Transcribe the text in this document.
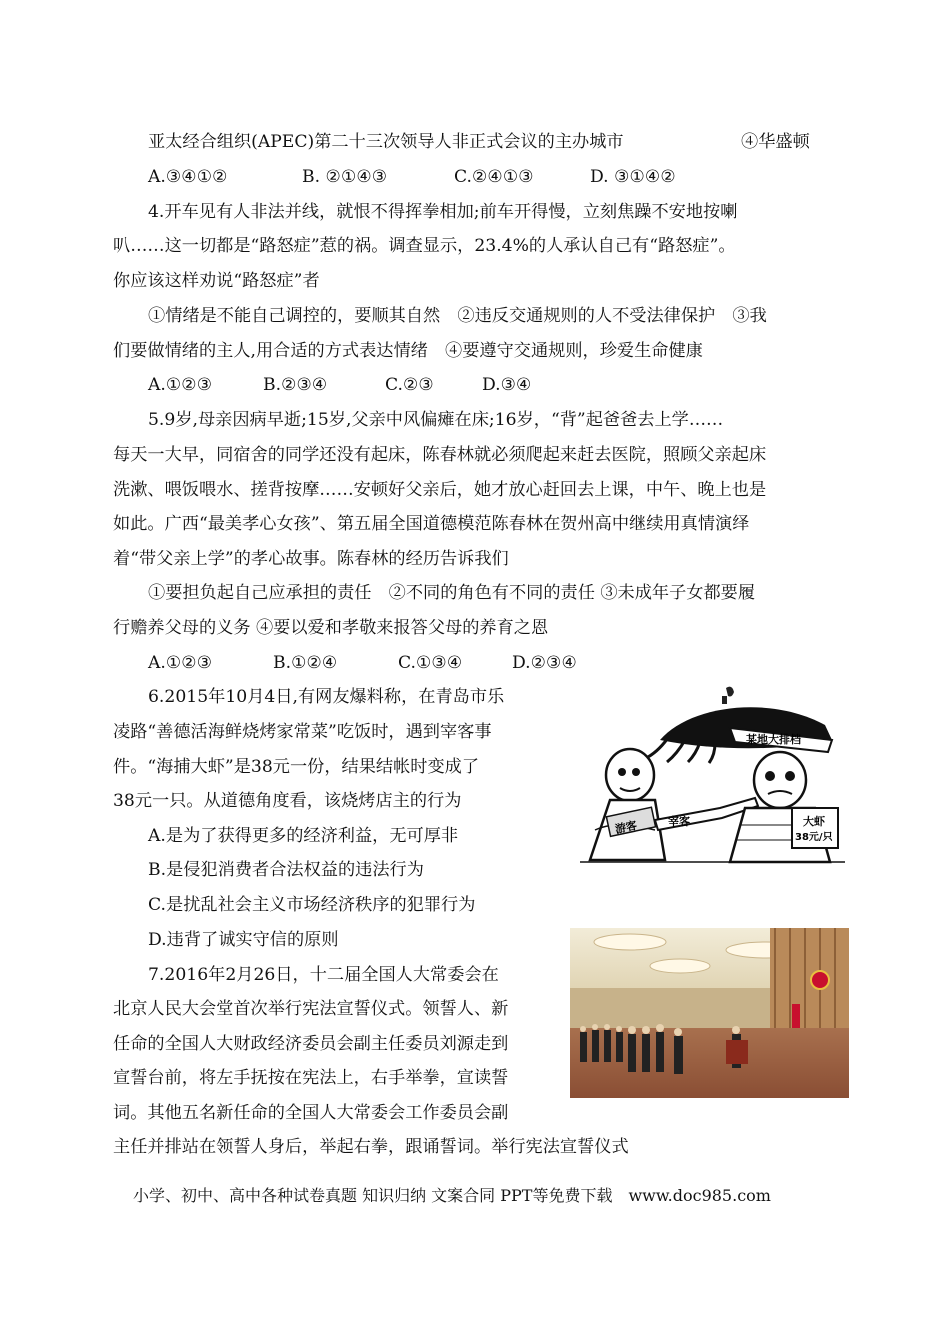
亚太经合组织(APEC)第二十三次领导人非正式会议的主办城市	④华盛顿
A.③④①②	B. ②①④③	C.②④①③	D. ③①④②
4.开车见有人非法并线，就恨不得挥拳相加;前车开得慢，立刻焦躁不安地按喇
叭……这一切都是“路怒症”惹的祸。调查显示，23.4%的人承认自己有“路怒症”。
你应该这样劝说“路怒症”者
①情绪是不能自己调控的，要顺其自然　②违反交通规则的人不受法律保护　③我
们要做情绪的主人,用合适的方式表达情绪　④要遵守交通规则，珍爱生命健康
A.①②③	B.②③④	C.②③	D.③④
5.9岁,母亲因病早逝;15岁,父亲中风偏瘫在床;16岁，“背”起爸爸去上学……
每天一大早，同宿舍的同学还没有起床，陈春林就必须爬起来赶去医院，照顾父亲起床
洗漱、喂饭喂水、搓背按摩……安顿好父亲后，她才放心赶回去上课，中午、晚上也是
如此。广西“最美孝心女孩”、第五届全国道德模范陈春林在贺州高中继续用真情演绎
着“带父亲上学”的孝心故事。陈春林的经历告诉我们
①要担负起自己应承担的责任　②不同的角色有不同的责任 ③未成年子女都要履
行赡养父母的义务 ④要以爱和孝敬来报答父母的养育之恩
A.①②③	B.①②④	C.①③④	D.②③④
6.2015年10月4日,有网友爆料称，在青岛市乐
凌路“善德活海鲜烧烤家常菜”吃饭时，遇到宰客事
件。“海捕大虾”是38元一份，结果结帐时变成了
38元一只。从道德角度看，该烧烤店主的行为
A.是为了获得更多的经济利益，无可厚非
B.是侵犯消费者合法权益的违法行为
C.是扰乱社会主义市场经济秩序的犯罪行为
D.违背了诚实守信的原则
某地大排档
游客	宰客	大虾
38元/只
7.2016年2月26日，十二届全国人大常委会在
北京人民大会堂首次举行宪法宣誓仪式。领誓人、新
任命的全国人大财政经济委员会副主任委员刘源走到
宣誓台前，将左手抚按在宪法上，右手举拳，宣读誓
词。其他五名新任命的全国人大常委会工作委员会副
主任并排站在领誓人身后，举起右拳，跟诵誓词。举行宪法宣誓仪式
小学、初中、高中各种试卷真题 知识归纳 文案合同 PPT等免费下载　www.doc985.com
